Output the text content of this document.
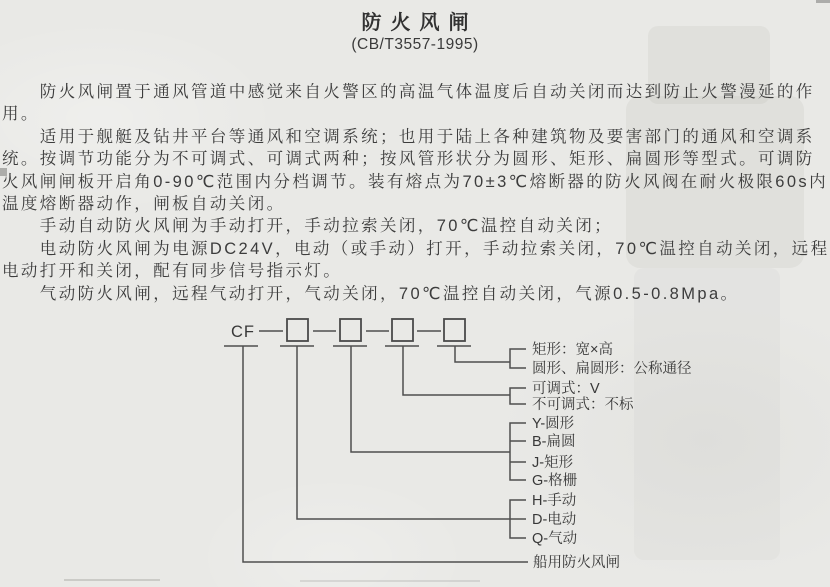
防火风闸
(CB/T3557-1995)
　　防火风闸置于通风管道中感觉来自火警区的高温气体温度后自动关闭而达到防止火警漫延的作
用。
　　适用于舰艇及钻井平台等通风和空调系统；也用于陆上各种建筑物及要害部门的通风和空调系
统。按调节功能分为不可调式、可调式两种；按风管形状分为圆形、矩形、扁圆形等型式。可调防
火风闸闸板开启角0-90℃范围内分档调节。装有熔点为70±3℃熔断器的防火风阀在耐火极限60s内
温度熔断器动作，闸板自动关闭。
　　手动自动防火风闸为手动打开，手动拉索关闭，70℃温控自动关闭；
　　电动防火风闸为电源DC24V，电动（或手动）打开，手动拉索关闭，70℃温控自动关闭，远程
电动打开和关闭，配有同步信号指示灯。
　　气动防火风闸，远程气动打开，气动关闭，70℃温控自动关闭，气源0.5-0.8Mpa。
CF
矩形：宽×高
圆形、扁圆形：公称通径
可调式：V
不可调式：不标
Y-圆形
B-扁圆
J-矩形
G-格栅
H-手动
D-电动
Q-气动
船用防火风闸
